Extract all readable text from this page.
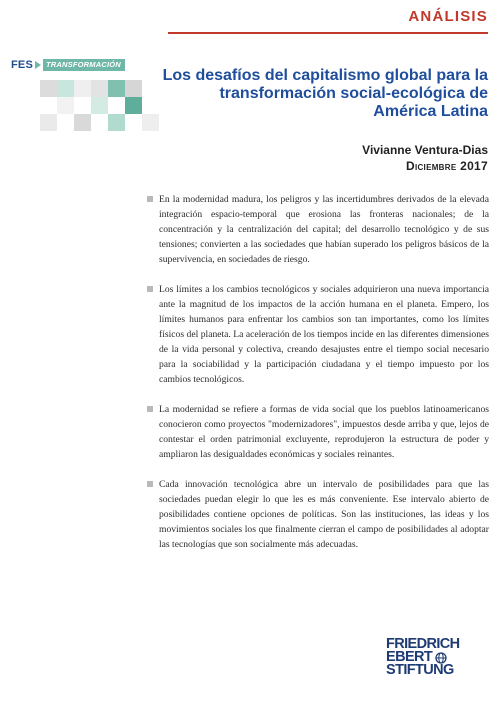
ANÁLISIS
FES	TRANSFORMACIÓN
Los desafíos del capitalismo global para la transformación social-ecológica de América Latina
Vivianne Ventura-Dias
Diciembre 2017
En la modernidad madura, los peligros y las incertidumbres derivados de la elevada integración espacio-temporal que erosiona las fronteras nacionales; de la concentración y la centralización del capital; del desarrollo tecnológico y de sus tensiones; convierten a las sociedades que habían superado los peligros básicos de la supervivencia, en sociedades de riesgo.
Los límites a los cambios tecnológicos y sociales adquirieron una nueva importancia ante la magnitud de los impactos de la acción humana en el planeta. Empero, los límites humanos para enfrentar los cambios son tan importantes, como los límites físicos del planeta. La aceleración de los tiempos incide en las diferentes dimensiones de la vida personal y colectiva, creando desajustes entre el tiempo social necesario para la sociabilidad y la participación ciudadana y el tiempo impuesto por los cambios tecnológicos.
La modernidad se refiere a formas de vida social que los pueblos latinoamericanos conocieron como proyectos "modernizadores", impuestos desde arriba y que, lejos de contestar el orden patrimonial excluyente, reprodujeron la estructura de poder y ampliaron las desigualdades económicas y sociales reinantes.
Cada innovación tecnológica abre un intervalo de posibilidades para que las sociedades puedan elegir lo que les es más conveniente. Ese intervalo abierto de posibilidades contiene opciones de políticas. Son las instituciones, las ideas y los movimientos sociales los que finalmente cierran el campo de posibilidades al adoptar las tecnologías que son socialmente más adecuadas.
FRIEDRICH
EBERT
STIFTUNG
